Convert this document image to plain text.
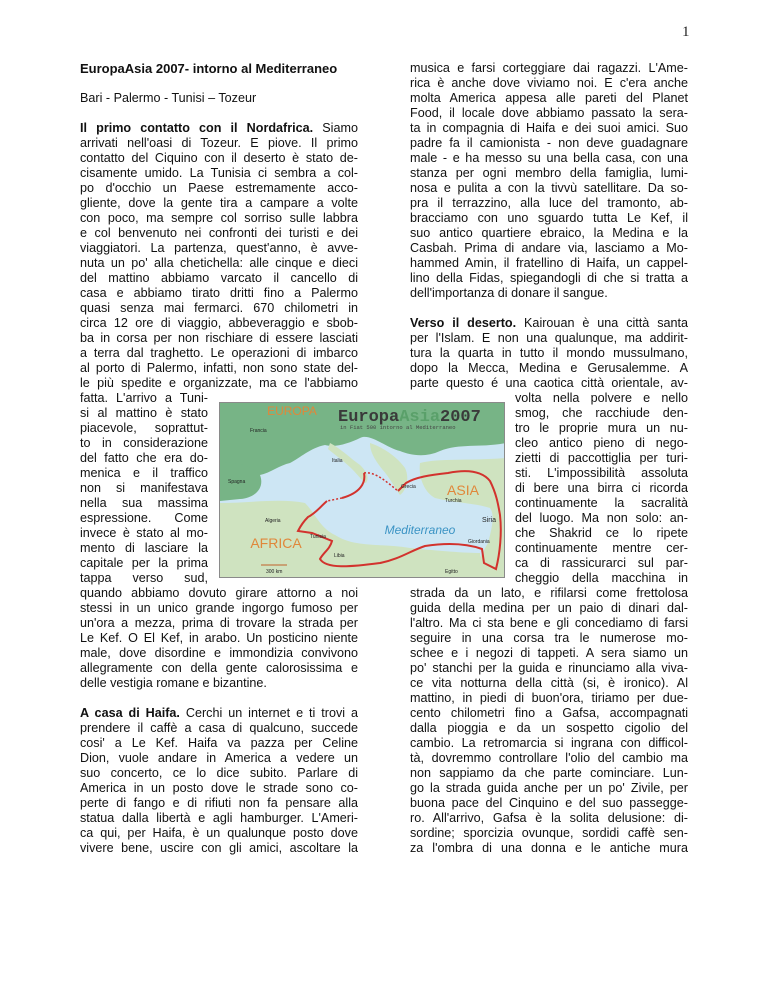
1
EuropaAsia 2007- intorno al Mediterraneo
Bari - Palermo - Tunisi – Tozeur
Il primo contatto con il Nordafrica. Siamo
arrivati nell'oasi di Tozeur. E piove. Il primo
contatto del Ciquino con il deserto è stato de-
cisamente umido. La Tunisia ci sembra a col-
po d'occhio un Paese estremamente acco-
gliente, dove la gente tira a campare a volte
con poco, ma sempre col sorriso sulle labbra
e col benvenuto nei confronti dei turisti e dei
viaggiatori. La partenza, quest'anno, è avve-
nuta un po' alla chetichella: alle cinque e dieci
del mattino abbiamo varcato il cancello di
casa e abbiamo tirato dritti fino a Palermo
quasi senza mai fermarci. 670 chilometri in
circa 12 ore di viaggio, abbeveraggio e sbob-
ba in corsa per non rischiare di essere lasciati
a terra dal traghetto. Le operazioni di imbarco
al porto di Palermo, infatti, non sono state del-
le più spedite e organizzate, ma ce l'abbiamo
fatta. L'arrivo a Tuni-
si al mattino è stato
piacevole, soprattut-
to in considerazione
del fatto che era do-
menica e il traffico
non si manifestava
nella sua massima
espressione. Come
invece è stato al mo-
mento di lasciare la
capitale per la prima
tappa verso sud,
quando abbiamo dovuto girare attorno a noi
stessi in un unico grande ingorgo fumoso per
un'ora a mezza, prima di trovare la strada per
Le Kef. O El Kef, in arabo. Un posticino niente
male, dove disordine e immondizia convivono
allegramente con della gente calorosissima e
delle vestigia romane e bizantine.
A casa di Haifa. Cerchi un internet e ti trovi a
prendere il caffè a casa di qualcuno, succede
cosi' a Le Kef. Haifa va pazza per Celine
Dion, vuole andare in America a vedere un
suo concerto, ce lo dice subito. Parlare di
America in un posto dove le strade sono co-
perte di fango e di rifiuti non fa pensare alla
statua dalla libertà e agli hamburger. L'Ameri-
ca qui, per Haifa, è un qualunque posto dove
vivere bene, uscire con gli amici, ascoltare la
musica e farsi corteggiare dai ragazzi. L'Ame-
rica è anche dove viviamo noi. E c'era anche
molta America appesa alle pareti del Planet
Food, il locale dove abbiamo passato la sera-
ta in compagnia di Haifa e dei suoi amici. Suo
padre fa il camionista - non deve guadagnare
male - e ha messo su una bella casa, con una
stanza per ogni membro della famiglia, lumi-
nosa e pulita a con la tivvù satellitare. Da so-
pra il terrazzino, alla luce del tramonto, ab-
bracciamo con uno sguardo tutta Le Kef, il
suo antico quartiere ebraico, la Medina e la
Casbah. Prima di andare via, lasciamo a Mo-
hammed Amin, il fratellino di Haifa, un cappel-
lino della Fidas, spiegandogli di che si tratta a
dell'importanza di donare il sangue.
Verso il deserto. Kairouan è una città santa
per l'Islam. E non una qualunque, ma addirit-
tura la quarta in tutto il mondo mussulmano,
dopo la Mecca, Medina e Gerusalemme. A
parte questo é una caotica città orientale, av-
volta nella polvere e nello
smog, che racchiude den-
tro le proprie mura un nu-
cleo antico pieno di nego-
zietti di paccottiglia per turi-
sti. L'impossibilità assoluta
di bere una birra ci ricorda
continuamente la sacralità
del luogo. Ma non solo: an-
che Shakrid ce lo ripete
continuamente mentre cer-
ca di rassicurarci sul par-
cheggio della macchina in
strada da un lato, e rifilarsi come frettolosa
guida della medina per un paio di dinari dal-
l'altro. Ma ci sta bene e gli concediamo di farsi
seguire in una corsa tra le numerose mo-
schee e i negozi di tappeti. A sera siamo un
po' stanchi per la guida e rinunciamo alla viva-
ce vita notturna della città (si, è ironico). Al
mattino, in piedi di buon'ora, tiriamo per due-
cento chilometri fino a Gafsa, accompagnati
dalla pioggia e da un sospetto cigolio del
cambio. La retromarcia si ingrana con difficol-
tà, dovremmo controllare l'olio del cambio ma
non sappiamo da che parte cominciare. Lun-
go la strada guida anche per un po' Zivile, per
buona pace del Cinquino e del suo passegge-
ro. All'arrivo, Gafsa è la solita delusione: di-
sordine; sporcizia ovunque, sordidi caffè sen-
za l'ombra di una donna e le antiche mura
EUROPA EuropaAsia2007
in Fiat 500 intorno al Mediterraneo
Francia
Italia
Spagna
Grecia
Turchia
Tunisia
Algeria
Libia
Giordania
Egitto
300 km
Siria
ASIA
AFRICA
Mediterraneo
